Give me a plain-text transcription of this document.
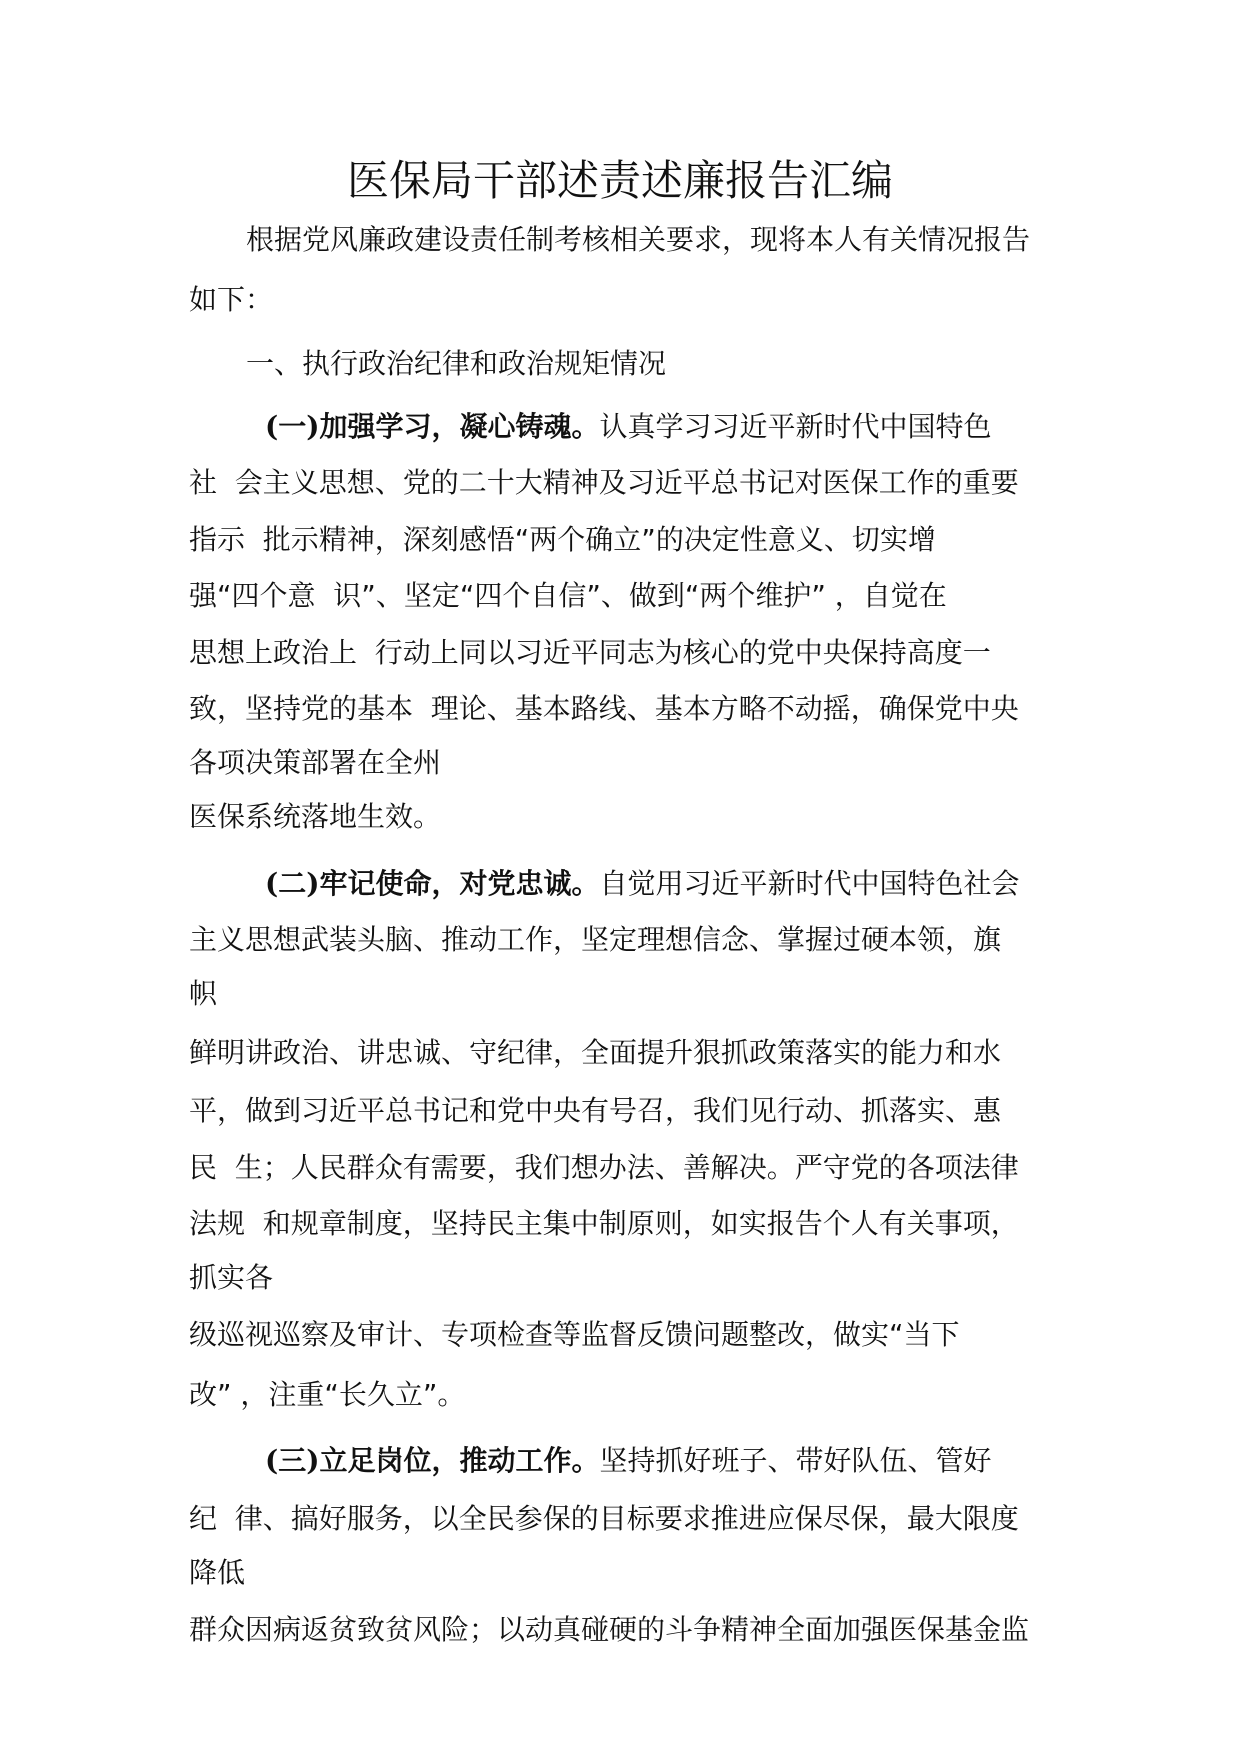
医保局干部述责述廉报告汇编
根据党风廉政建设责任制考核相关要求，现将本人有关情况报告
如下：
一、执行政治纪律和政治规矩情况
(一)加强学习，凝心铸魂。认真学习习近平新时代中国特色
社  会主义思想、党的二十大精神及习近平总书记对医保工作的重要
指示  批示精神，深刻感悟“两个确立”的决定性意义、切实增
强“四个意  识”、坚定“四个自信”、做到“两个维护” ，自觉在
思想上政治上  行动上同以习近平同志为核心的党中央保持高度一
致，坚持党的基本  理论、基本路线、基本方略不动摇，确保党中央
各项决策部署在全州
医保系统落地生效。
(二)牢记使命，对党忠诚。自觉用习近平新时代中国特色社会
主义思想武装头脑、推动工作，坚定理想信念、掌握过硬本领，旗
帜
鲜明讲政治、讲忠诚、守纪律，全面提升狠抓政策落实的能力和水
平，做到习近平总书记和党中央有号召，我们见行动、抓落实、惠
民  生；人民群众有需要，我们想办法、善解决。严守党的各项法律
法规  和规章制度，坚持民主集中制原则，如实报告个人有关事项，
抓实各
级巡视巡察及审计、专项检查等监督反馈问题整改，做实“当下
改” ，注重“长久立”。
(三)立足岗位，推动工作。坚持抓好班子、带好队伍、管好
纪  律、搞好服务，以全民参保的目标要求推进应保尽保，最大限度
降低
群众因病返贫致贫风险；以动真碰硬的斗争精神全面加强医保基金监
